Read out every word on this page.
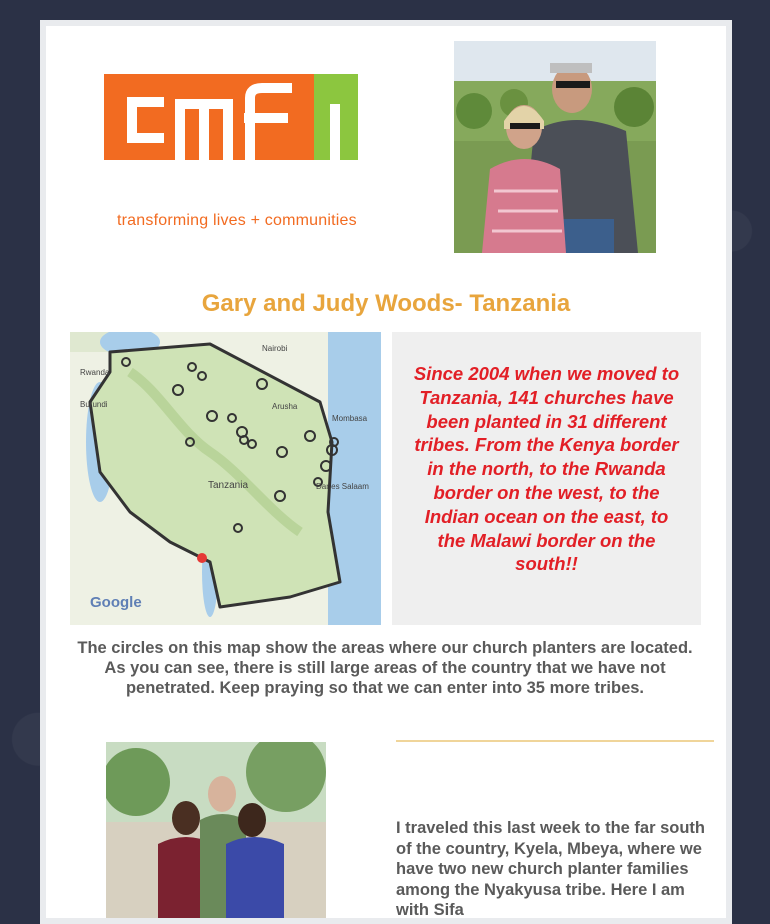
transforming lives + communities
Gary and Judy Woods- Tanzania
Rwanda
Burundi
Nairobi
Arusha
Mombasa
Tanzania	Dar es Salaam
Google
Since 2004 when we moved to Tanzania, 141 churches have been planted in 31 different tribes. From the Kenya border in the north, to the Rwanda border on the west, to the Indian ocean on the east, to the Malawi border on the south!!
The circles on this map show the areas where our church planters are located. As you can see, there is still large areas of the country that we have not penetrated. Keep praying so that we can enter into 35 more tribes.
I traveled this last week to the far south of the country, Kyela, Mbeya, where we have two new church planter families among the Nyakyusa tribe. Here I am with Sifa
